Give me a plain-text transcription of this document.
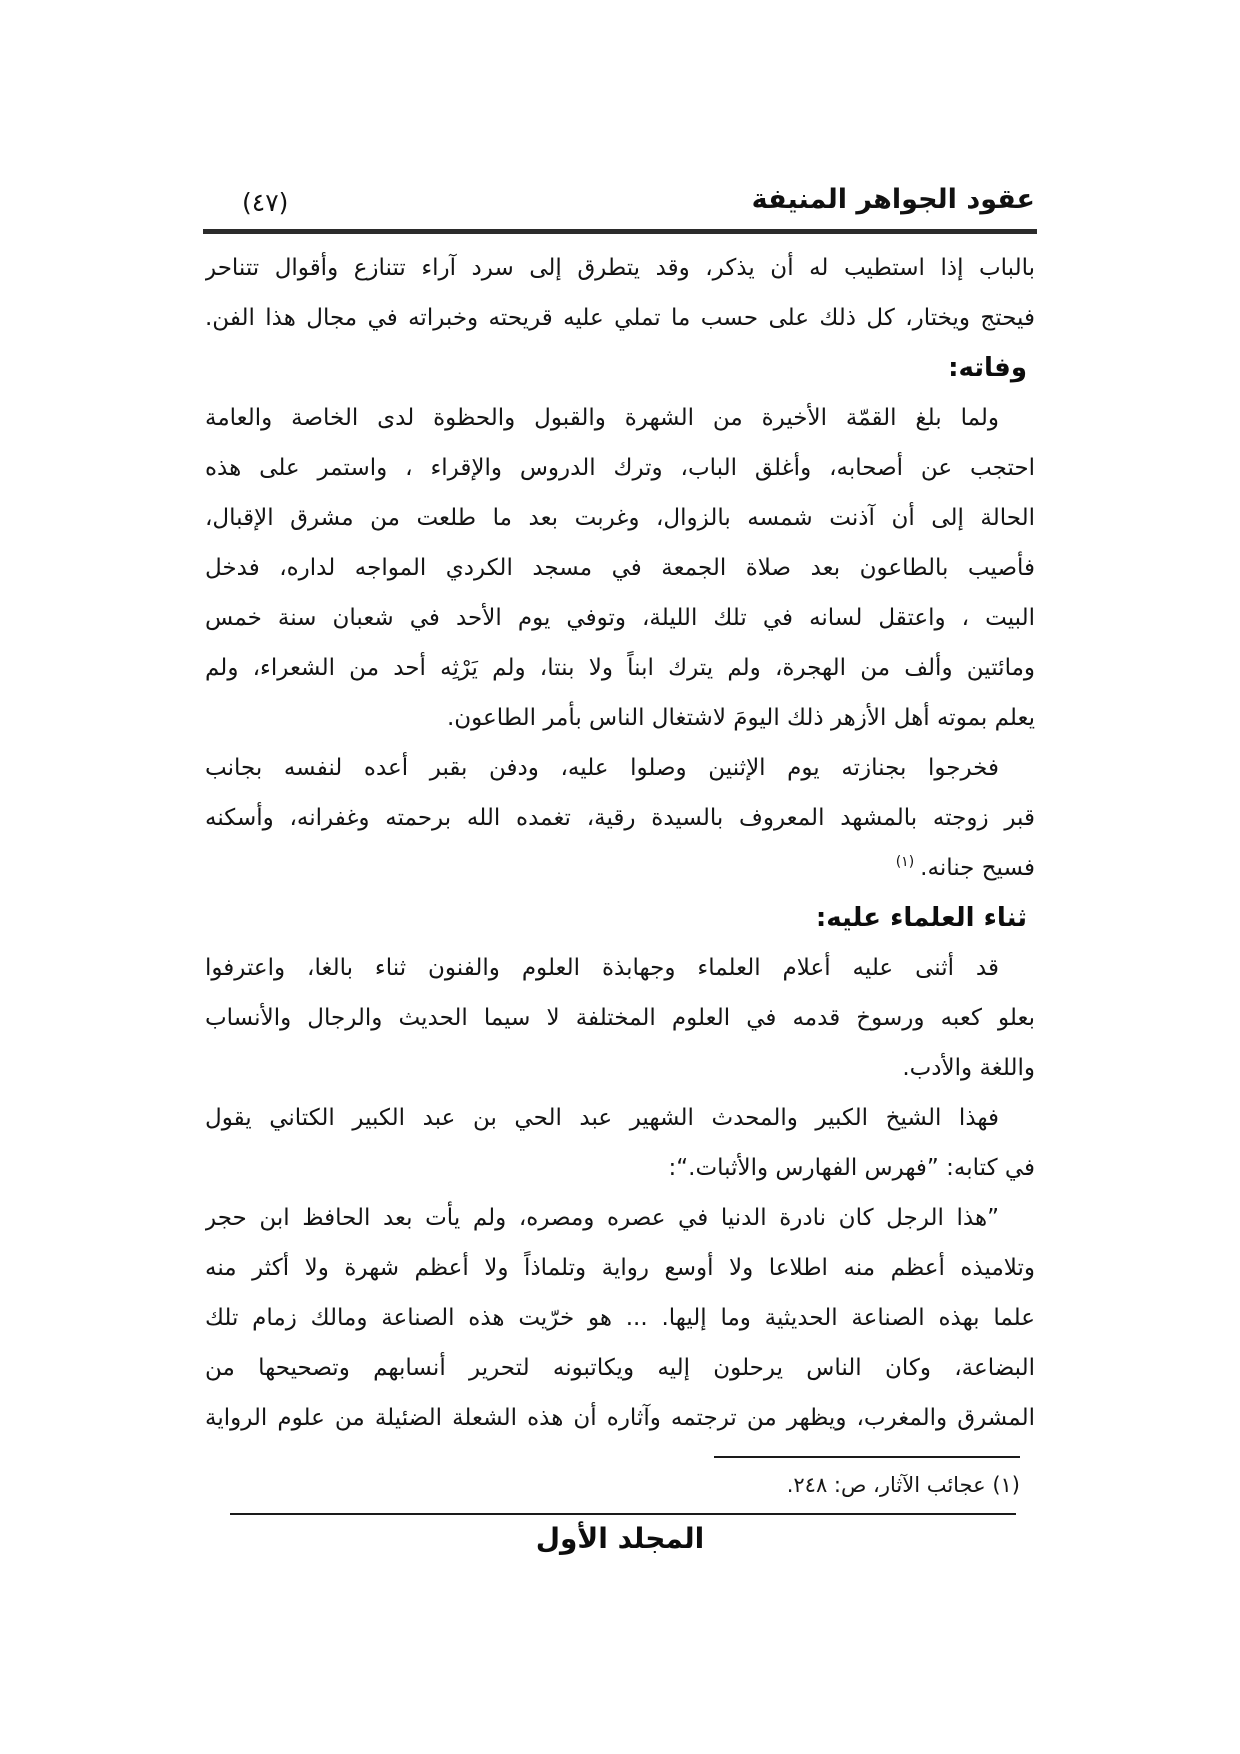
(٤٧)	عقود الجواهر المنيفة
بالباب إذا استطيب له أن يذكر، وقد يتطرق إلى سرد آراء تتنازع وأقوال تتناحر
فيحتج ويختار، كل ذلك على حسب ما تملي عليه قريحته وخبراته في مجال هذا الفن.
وفاته:
ولما بلغ القمّة الأخيرة من الشهرة والقبول والحظوة لدى الخاصة والعامة
احتجب عن أصحابه، وأغلق الباب، وترك الدروس والإقراء ، واستمر على هذه
الحالة إلى أن آذنت شمسه بالزوال، وغربت بعد ما طلعت من مشرق الإقبال،
فأصيب بالطاعون بعد صلاة الجمعة في مسجد الكردي المواجه لداره، فدخل
البيت ، واعتقل لسانه في تلك الليلة، وتوفي يوم الأحد في شعبان سنة خمس
ومائتين وألف من الهجرة، ولم يترك ابناً ولا بنتا، ولم يَرْثِه أحد من الشعراء، ولم
يعلم بموته أهل الأزهر ذلك اليومَ لاشتغال الناس بأمر الطاعون.
فخرجوا بجنازته يوم الإثنين وصلوا عليه، ودفن بقبر أعده لنفسه بجانب
قبر زوجته بالمشهد المعروف بالسيدة رقية، تغمده الله برحمته وغفرانه، وأسكنه
فسيح جنانه.$^{(١)}$
ثناء العلماء عليه:
قد أثنى عليه أعلام العلماء وجهابذة العلوم والفنون ثناء بالغا، واعترفوا
بعلو كعبه ورسوخ قدمه في العلوم المختلفة لا سيما الحديث والرجال والأنساب
واللغة والأدب.
فهذا الشيخ الكبير والمحدث الشهير عبد الحي بن عبد الكبير الكتاني يقول
في كتابه: ”فهرس الفهارس والأثبات.“:
”هذا الرجل كان نادرة الدنيا في عصره ومصره، ولم يأت بعد الحافظ ابن حجر
وتلاميذه أعظم منه اطلاعا ولا أوسع رواية وتلماذاً ولا أعظم شهرة ولا أكثر منه
علما بهذه الصناعة الحديثية وما إليها. ... هو خرّيت هذه الصناعة ومالك زمام تلك
البضاعة، وكان الناس يرحلون إليه ويكاتبونه لتحرير أنسابهم وتصحيحها من
المشرق والمغرب، ويظهر من ترجتمه وآثاره أن هذه الشعلة الضئيلة من علوم الرواية
(١) عجائب الآثار، ص: ٢٤٨.
المجلد الأول
